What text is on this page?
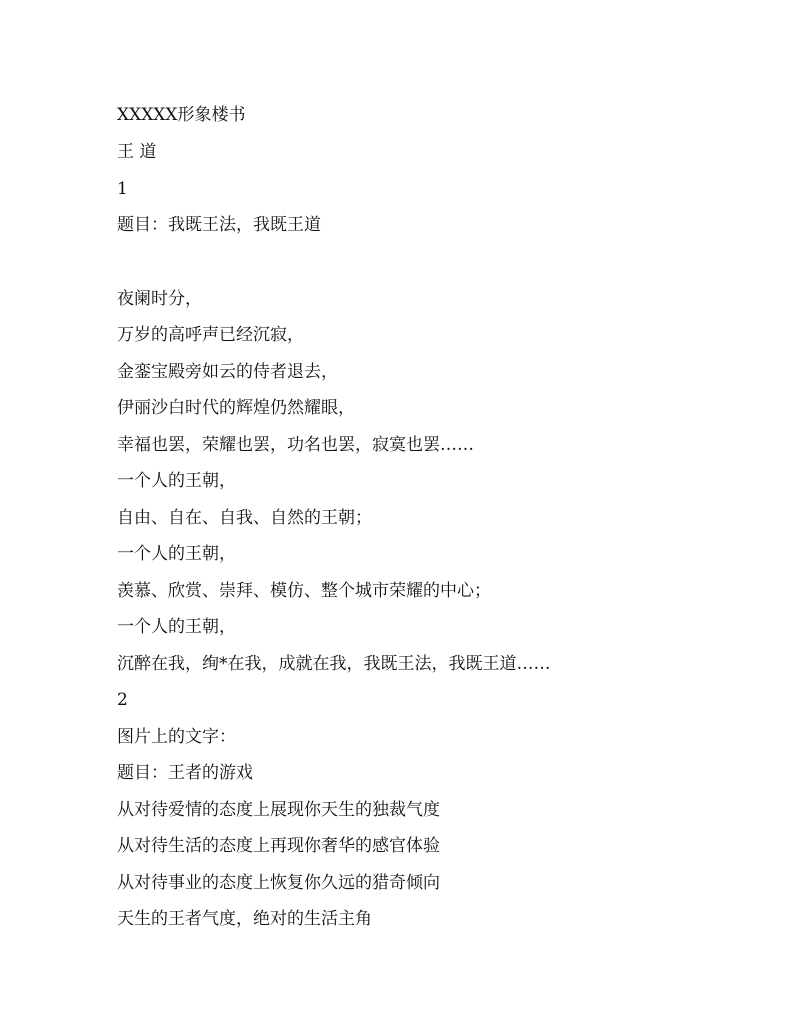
XXXXX形象楼书

王 道

1

题目：我既王法，我既王道

夜阑时分，

万岁的高呼声已经沉寂，

金銮宝殿旁如云的侍者退去，

伊丽沙白时代的辉煌仍然耀眼，

幸福也罢，荣耀也罢，功名也罢，寂寞也罢……

一个人的王朝，

自由、自在、自我、自然的王朝；

一个人的王朝，

羡慕、欣赏、崇拜、模仿、整个城市荣耀的中心；

一个人的王朝，

沉醉在我，绚*在我，成就在我，我既王法，我既王道……

2

图片上的文字：

题目：王者的游戏

从对待爱情的态度上展现你天生的独裁气度

从对待生活的态度上再现你奢华的感官体验

从对待事业的态度上恢复你久远的猎奇倾向

天生的王者气度，绝对的生活主角
